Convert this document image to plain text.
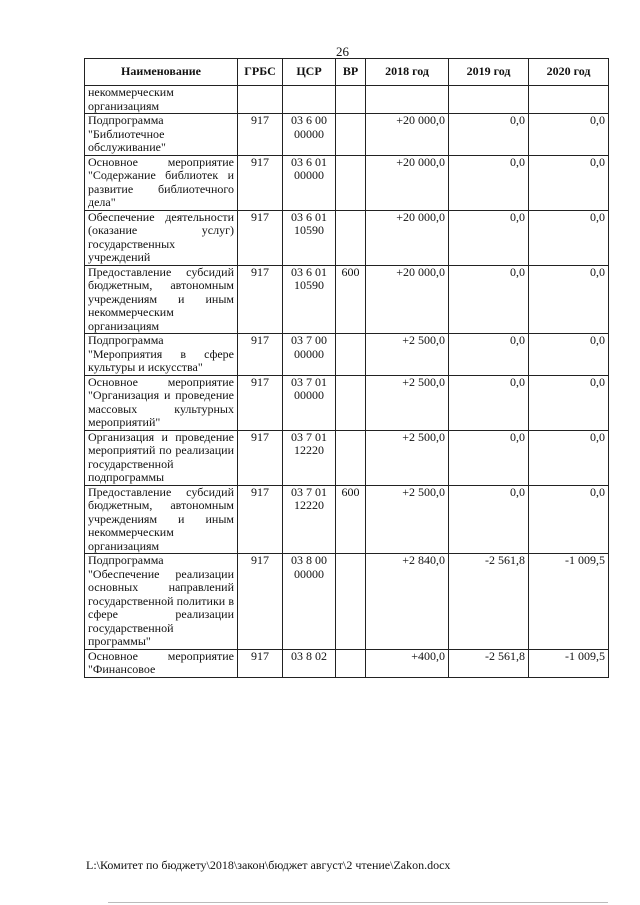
26
Наименование	ГРБС	ЦСР	ВР	2018 год	2019 год	2020 год
некоммерческим организациям						
Подпрограмма "Библиотечное обслуживание"	917	03 6 00 00000		+20 000,0	0,0	0,0
Основное мероприятие "Содержание библиотек и развитие библиотечного дела"	917	03 6 01 00000		+20 000,0	0,0	0,0
Обеспечение деятельности (оказание услуг) государственных учреждений	917	03 6 01 10590		+20 000,0	0,0	0,0
Предоставление субсидий бюджетным, автономным учреждениям и иным некоммерческим организациям	917	03 6 01 10590	600	+20 000,0	0,0	0,0
Подпрограмма "Мероприятия в сфере культуры и искусства"	917	03 7 00 00000		+2 500,0	0,0	0,0
Основное мероприятие "Организация и проведение массовых культурных мероприятий"	917	03 7 01 00000		+2 500,0	0,0	0,0
Организация и проведение мероприятий по реализации государственной подпрограммы	917	03 7 01 12220		+2 500,0	0,0	0,0
Предоставление субсидий бюджетным, автономным учреждениям и иным некоммерческим организациям	917	03 7 01 12220	600	+2 500,0	0,0	0,0
Подпрограмма "Обеспечение реализации основных направлений государственной политики в сфере реализации государственной программы"	917	03 8 00 00000		+2 840,0	-2 561,8	-1 009,5
Основное мероприятие "Финансовое	917	03 8 02		+400,0	-2 561,8	-1 009,5
L:\Комитет по бюджету\2018\закон\бюджет август\2 чтение\Zakon.docx
